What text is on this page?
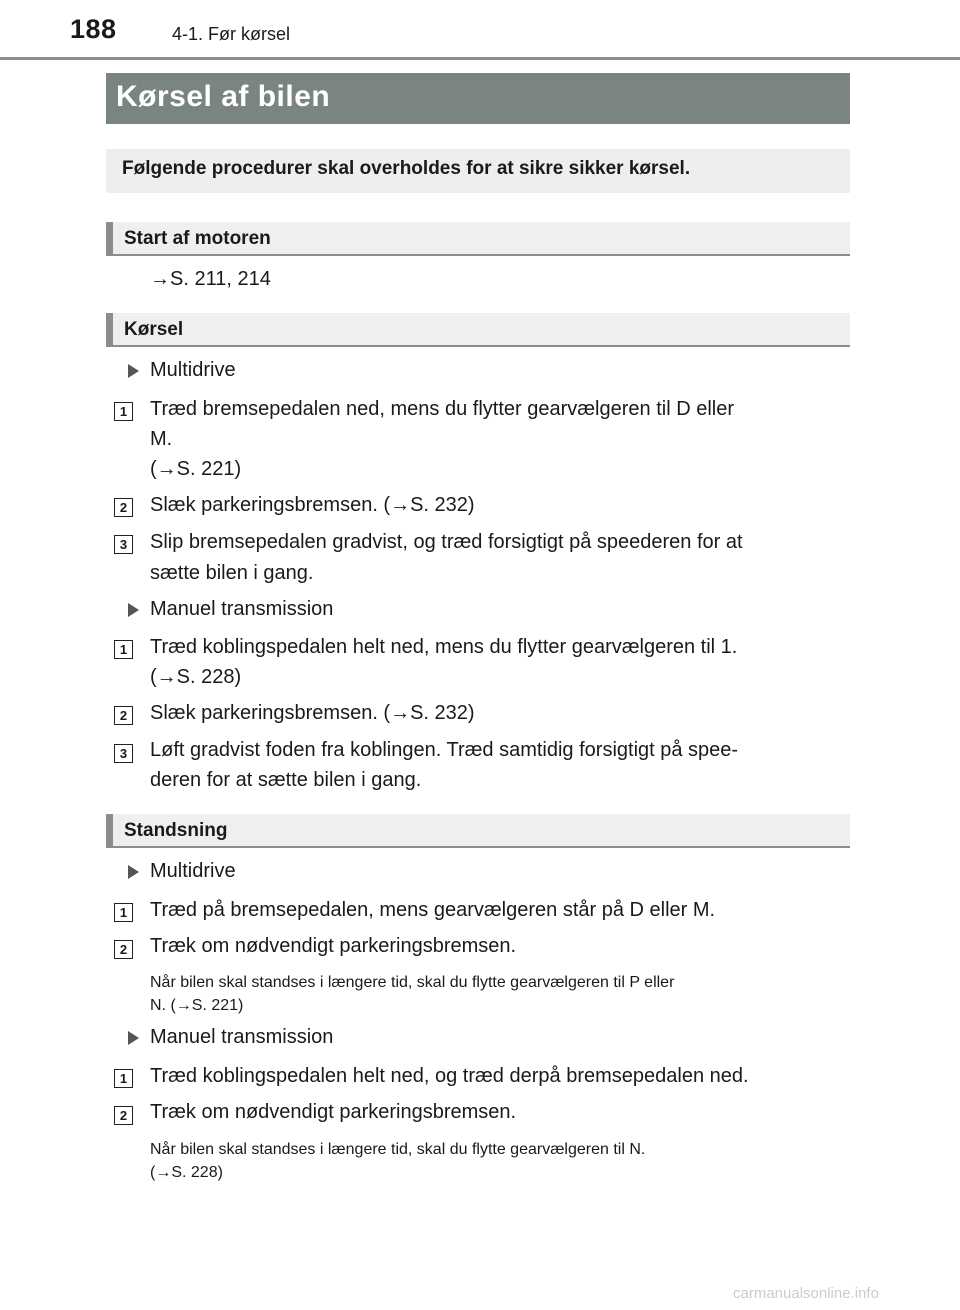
188	4-1. Før kørsel
Kørsel af bilen
Følgende procedurer skal overholdes for at sikre sikker kørsel.
Start af motoren
→S. 211, 214
Kørsel
Multidrive
1 Træd bremsepedalen ned, mens du flytter gearvælgeren til D eller
M.
(→S. 221)
2 Slæk parkeringsbremsen. (→S. 232)
3 Slip bremsepedalen gradvist, og træd forsigtigt på speederen for at
sætte bilen i gang.
Manuel transmission
1 Træd koblingspedalen helt ned, mens du flytter gearvælgeren til 1.
(→S. 228)
2 Slæk parkeringsbremsen. (→S. 232)
3 Løft gradvist foden fra koblingen. Træd samtidig forsigtigt på spee-
deren for at sætte bilen i gang.
Standsning
Multidrive
1 Træd på bremsepedalen, mens gearvælgeren står på D eller M.
2 Træk om nødvendigt parkeringsbremsen.
Når bilen skal standses i længere tid, skal du flytte gearvælgeren til P eller
N. (→S. 221)
Manuel transmission
1 Træd koblingspedalen helt ned, og træd derpå bremsepedalen ned.
2 Træk om nødvendigt parkeringsbremsen.
Når bilen skal standses i længere tid, skal du flytte gearvælgeren til N.
(→S. 228)
carmanualsonline.info
